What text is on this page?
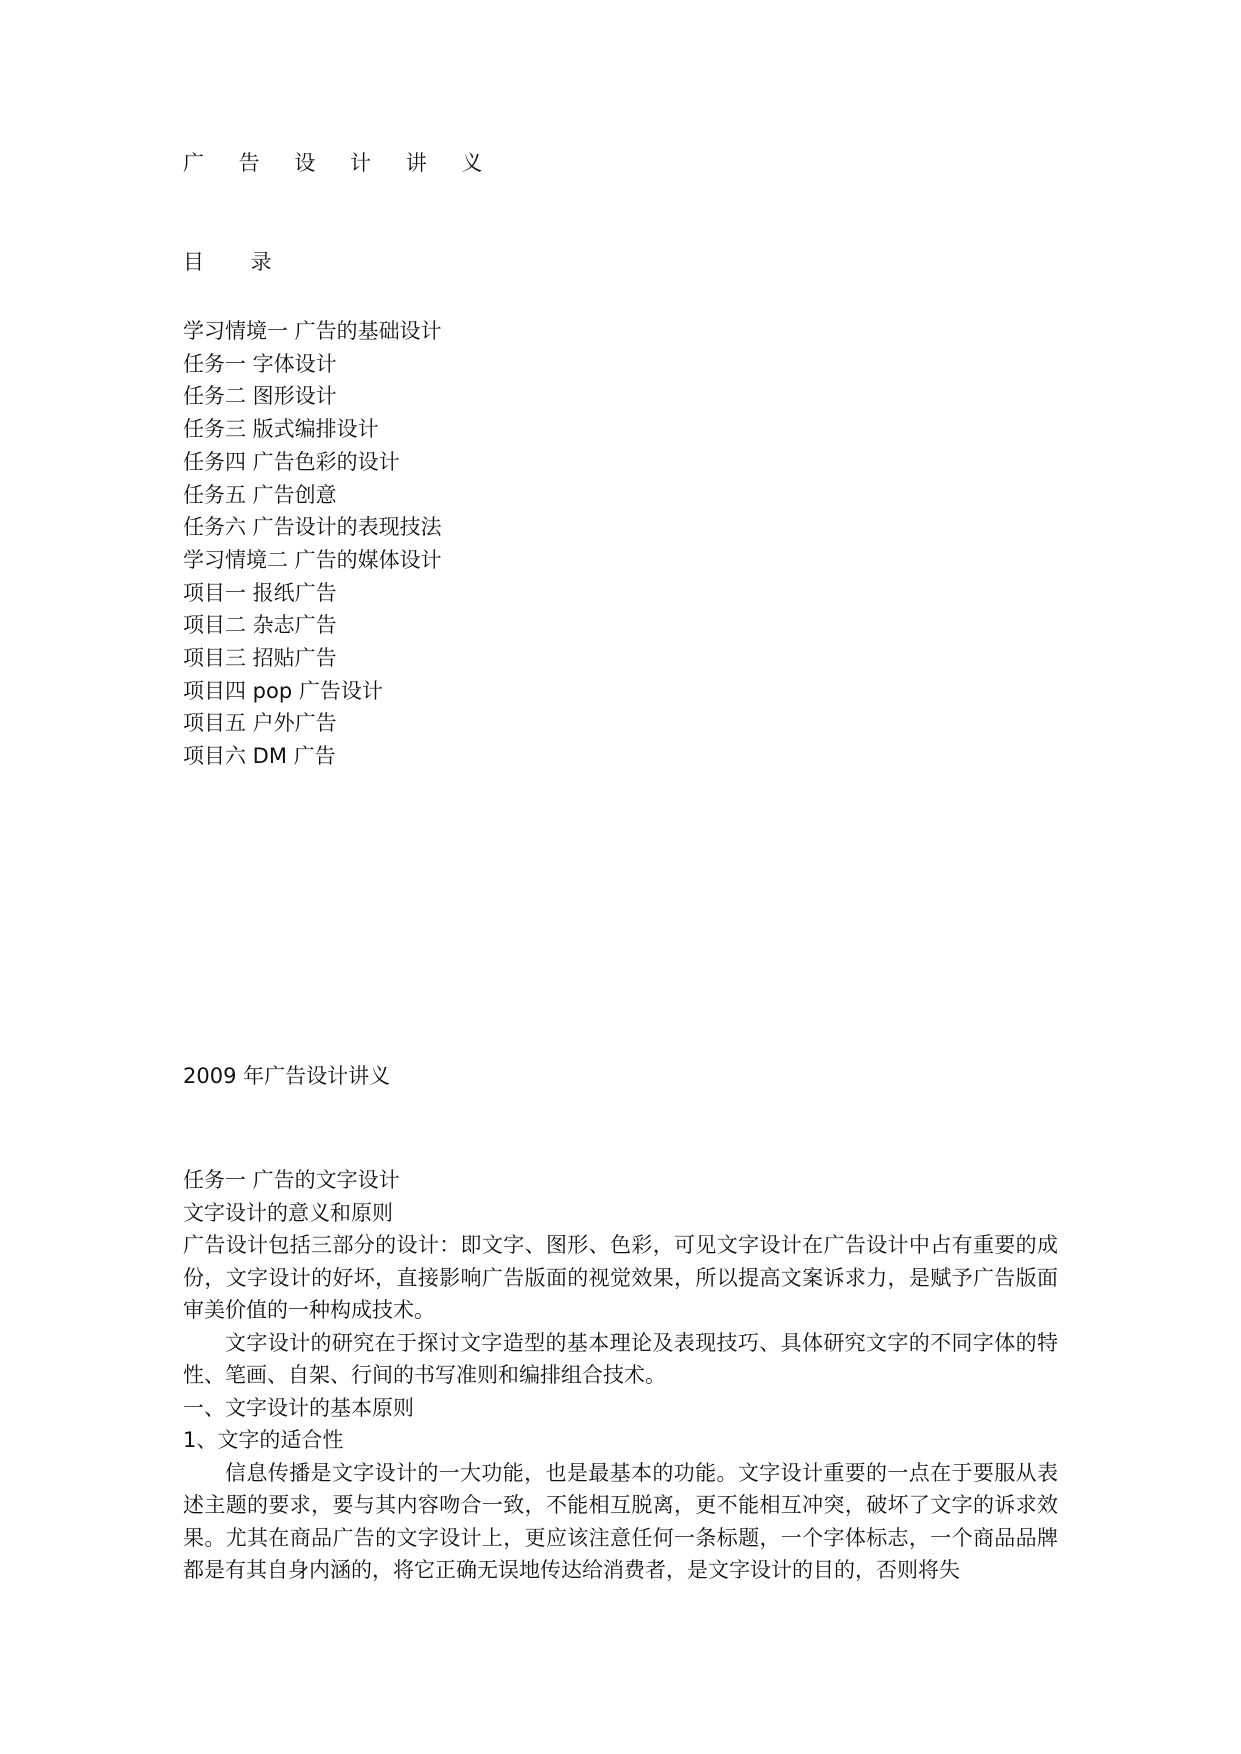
广 告 设 计 讲 义
目 录
学习情境一 广告的基础设计
任务一 字体设计
任务二 图形设计
任务三 版式编排设计
任务四 广告色彩的设计
任务五 广告创意
任务六 广告设计的表现技法
学习情境二 广告的媒体设计
项目一 报纸广告
项目二 杂志广告
项目三 招贴广告
项目四 pop 广告设计
项目五 户外广告
项目六 DM 广告
2009 年广告设计讲义

任务一 广告的文字设计

文字设计的意义和原则

广告设计包括三部分的设计：即文字、图形、色彩，可见文字设计在广告设计中占有重要的成份，文字设计的好坏，直接影响广告版面的视觉效果，所以提高文案诉求力，是赋予广告版面审美价值的一种构成技术。

文字设计的研究在于探讨文字造型的基本理论及表现技巧、具体研究文字的不同字体的特性、笔画、自架、行间的书写准则和编排组合技术。

一、文字设计的基本原则

1、文字的适合性

信息传播是文字设计的一大功能，也是最基本的功能。文字设计重要的一点在于要服从表述主题的要求，要与其内容吻合一致，不能相互脱离，更不能相互冲突，破坏了文字的诉求效果。尤其在商品广告的文字设计上，更应该注意任何一条标题，一个字体标志，一个商品品牌都是有其自身内涵的，将它正确无误地传达给消费者，是文字设计的目的，否则将失
